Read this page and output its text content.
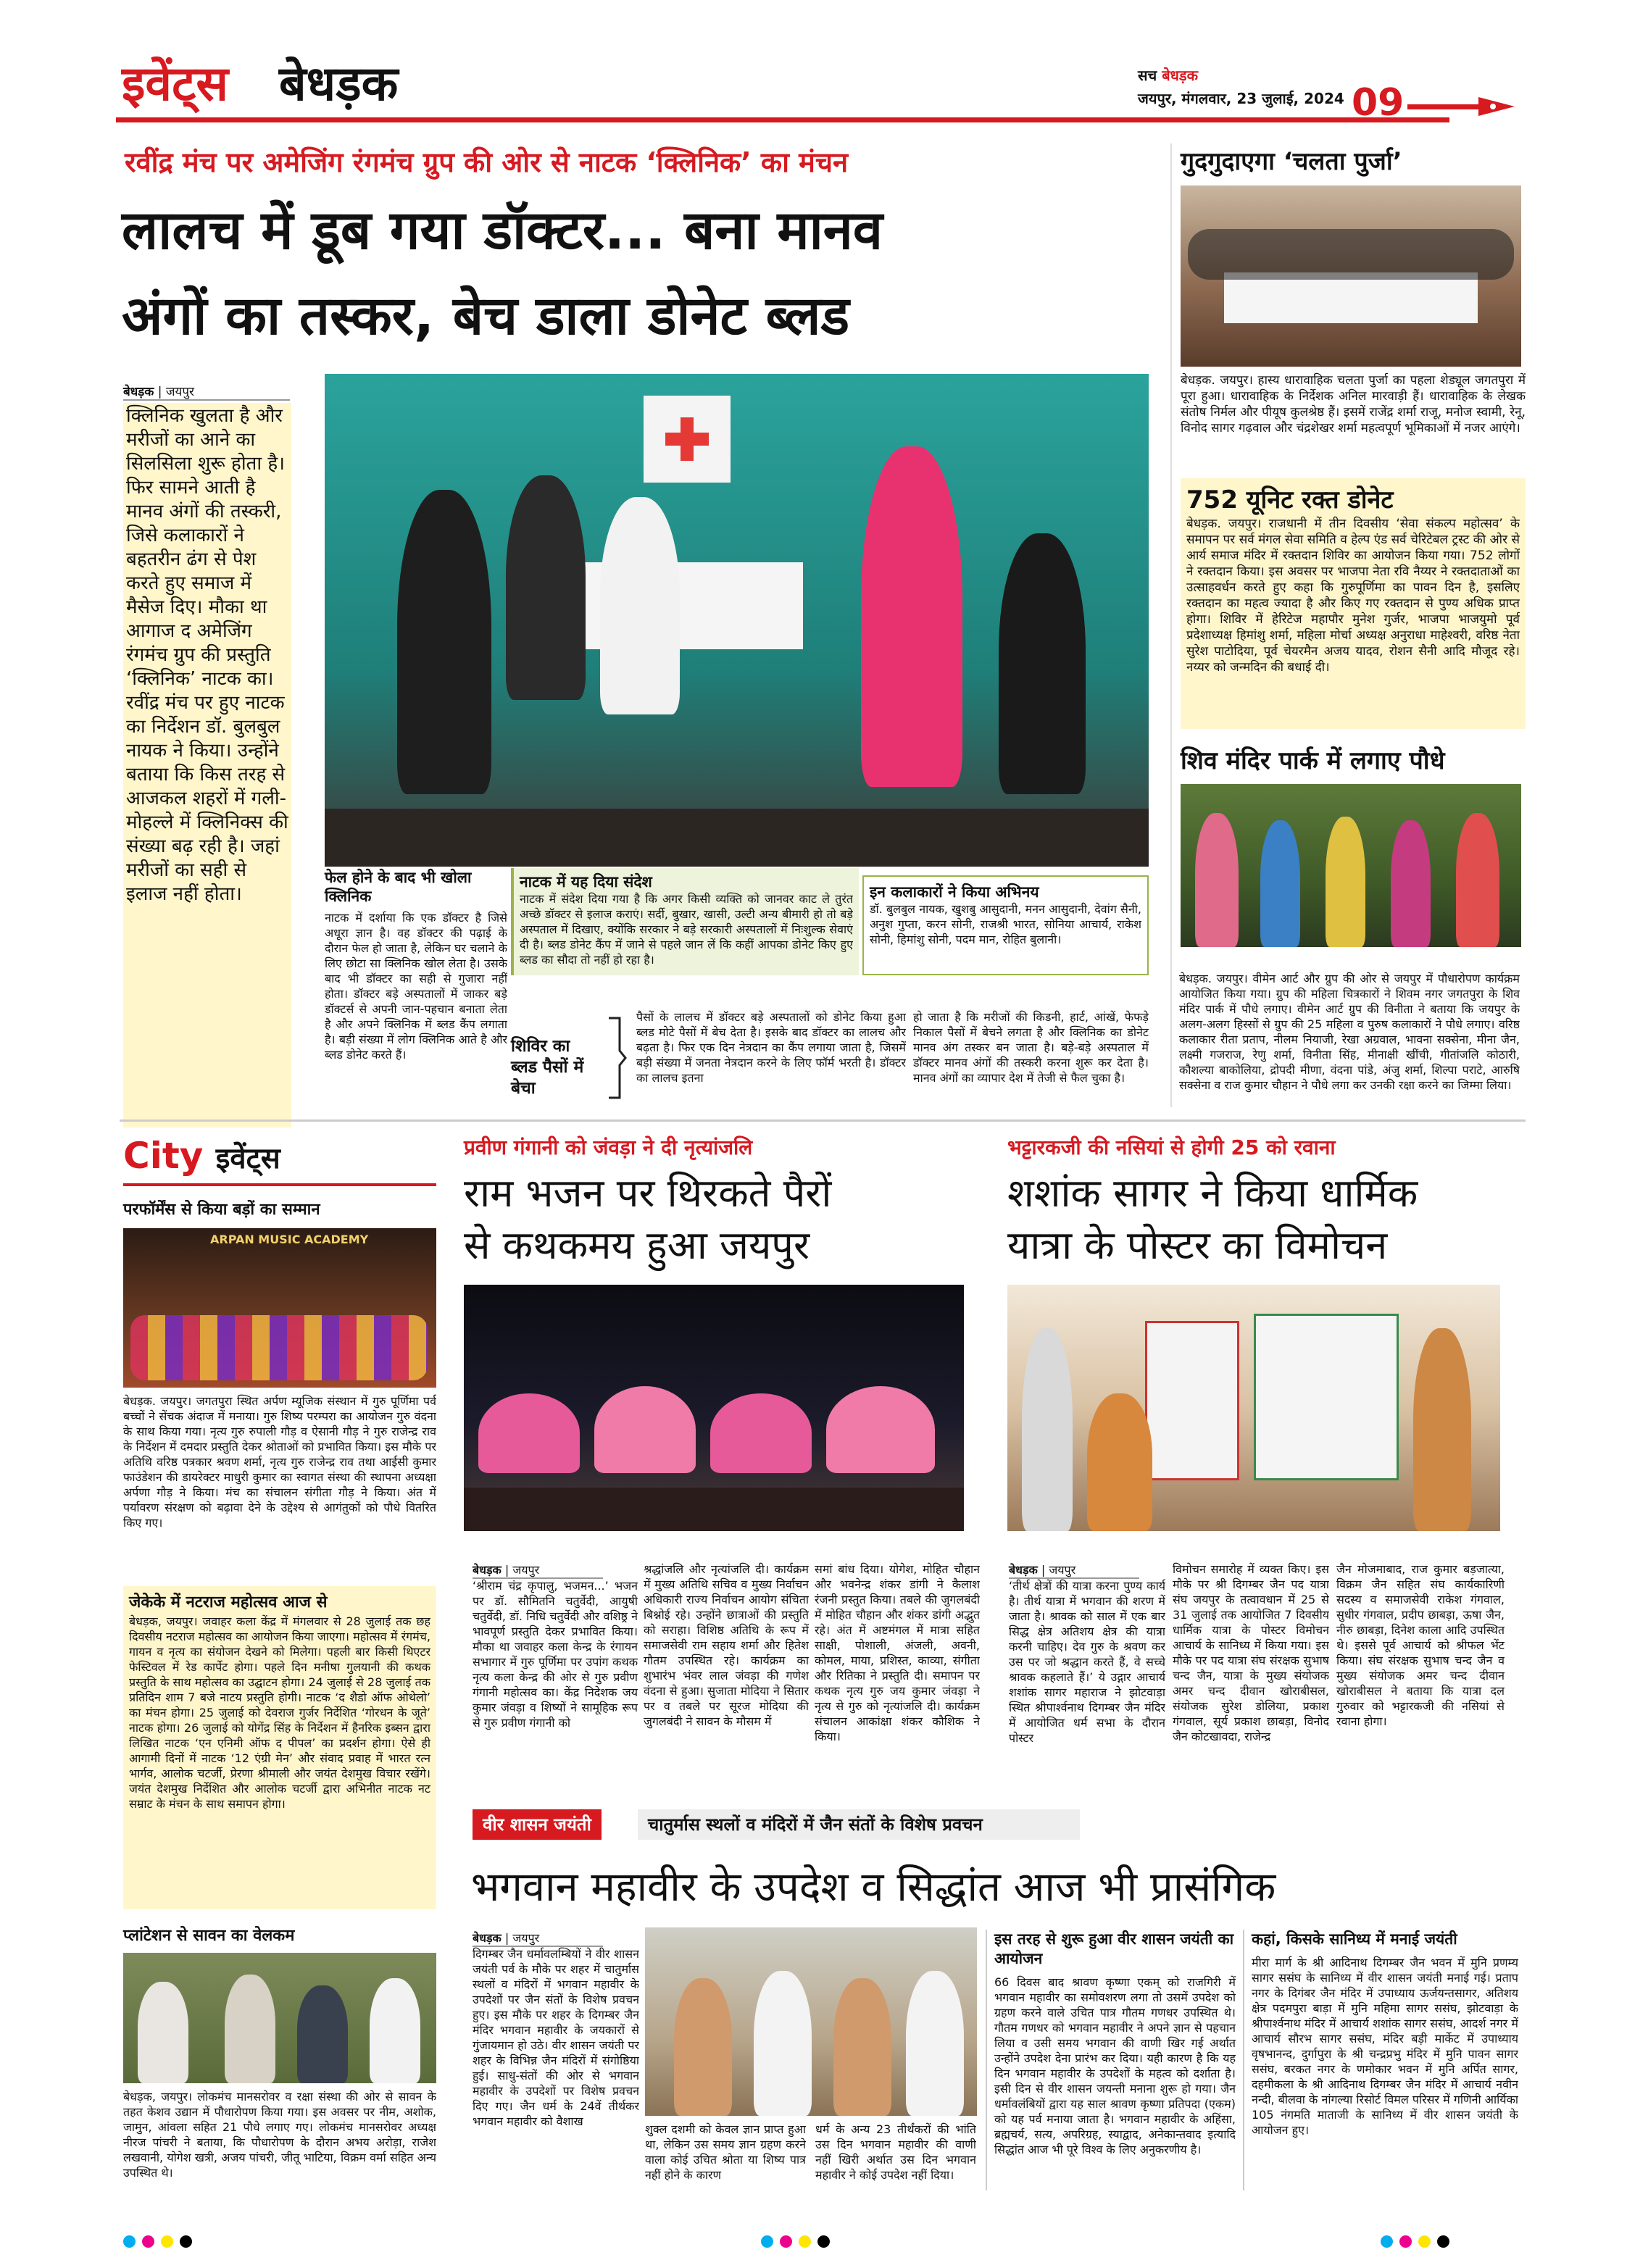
इवेंट्स बेधड़क	सच बेधड़क
जयपुर, मंगलवार, 23 जुलाई, 2024 09
रवींद्र मंच पर अमेजिंग रंगमंच ग्रुप की ओर से नाटक ‘क्लिनिक’ का मंचन
लालच में डूब गया डॉक्टर... बना मानव
अंगों का तस्कर, बेच डाला डोनेट ब्लड
बेधड़क | जयपुर
क्लिनिक खुलता है और मरीजों का आने का सिलसिला शुरू होता है। फिर सामने आती है मानव अंगों की तस्करी, जिसे कलाकारों ने बहतरीन ढंग से पेश करते हुए समाज में मैसेज दिए। मौका था आगाज द अमेजिंग रंगमंच ग्रुप की प्रस्तुति ‘क्लिनिक’ नाटक का। रवींद्र मंच पर हुए नाटक का निर्देशन डॉ. बुलबुल नायक ने किया। उन्होंने बताया कि किस तरह से आजकल शहरों में गली-मोहल्ले में क्लिनिक्स की संख्या बढ़ रही है। जहां मरीजों का सही से इलाज नहीं होता।
फेल होने के बाद भी खोला क्लिनिक
नाटक में दर्शाया कि एक डॉक्टर है जिसे अधूरा ज्ञान है। वह डॉक्टर की पढ़ाई के दौरान फेल हो जाता है, लेकिन घर चलाने के लिए छोटा सा क्लिनिक खोल लेता है। उसके बाद भी डॉक्टर का सही से गुजारा नहीं होता। डॉक्टर बड़े अस्पतालों में जाकर बड़े डॉक्टर्स से अपनी जान-पहचान बनाता लेता है और अपने क्लिनिक में ब्लड कैंप लगाता है। बड़ी संख्या में लोग क्लिनिक आते है और ब्लड डोनेट करते हैं।
नाटक में यह दिया संदेश
नाटक में संदेश दिया गया है कि अगर किसी व्यक्ति को जानवर काट ले तुरंत अच्छे डॉक्टर से इलाज कराएं। सर्दी, बुखार, खासी, उल्टी अन्य बीमारी हो तो बड़े अस्पताल में दिखाए, क्योंकि सरकार ने बड़े सरकारी अस्पतालों में निःशुल्क सेवाएं दी है। ब्लड डोनेट कैंप में जाने से पहले जान लें कि कहीं आपका डोनेट किए हुए ब्लड का सौदा तो नहीं हो रहा है।
इन कलाकारों ने किया अभिनय
डॉ. बुलबुल नायक, खुशबु आसुदानी, मनन आसुदानी, देवांग सैनी, अनुश गुप्ता, करन सोनी, राजश्री भारत, सोनिया आचार्य, राकेश सोनी, हिमांशु सोनी, पदम मान, रोहित बुलानी।
शिविर का ब्लड पैसों में बेचा
पैसों के लालच में डॉक्टर बड़े अस्पतालों को डोनेट किया हुआ ब्लड मोटे पैसों में बेच देता है। इसके बाद डॉक्टर का लालच और बढ़ता है। फिर एक दिन नेत्रदान का कैंप लगाया जाता है, जिसमें बड़ी संख्या में जनता नेत्रदान करने के लिए फॉर्म भरती है। डॉक्टर का लालच इतना
हो जाता है कि मरीजों की किडनी, हार्ट, आंखें, फेफड़े निकाल पैसों में बेचने लगता है और क्लिनिक का डोनेट मानव अंग तस्कर बन जाता है। बड़े-बड़े अस्पताल में डॉक्टर मानव अंगों की तस्करी करना शुरू कर देता है। मानव अंगों का व्यापार देश में तेजी से फैल चुका है।
गुदगुदाएगा ‘चलता पुर्जा’
बेधड़क. जयपुर। हास्य धारावाहिक चलता पुर्जा का पहला शेड्यूल जगतपुरा में पूरा हुआ। धारावाहिक के निर्देशक अनिल मारवाड़ी हैं। धारावाहिक के लेखक संतोष निर्मल और पीयूष कुलश्रेष्ठ हैं। इसमें राजेंद्र शर्मा राजू, मनोज स्वामी, रेनू, विनोद सागर गढ़वाल और चंद्रशेखर शर्मा महत्वपूर्ण भूमिकाओं में नजर आएंगे।
752 यूनिट रक्त डोनेट
बेधड़क. जयपुर। राजधानी में तीन दिवसीय ‘सेवा संकल्प महोत्सव’ के समापन पर सर्व मंगल सेवा समिति व हेल्प एंड सर्व चेरिटेबल ट्रस्ट की ओर से आर्य समाज मंदिर में रक्तदान शिविर का आयोजन किया गया। 752 लोगों ने रक्तदान किया। इस अवसर पर भाजपा नेता रवि नैय्यर ने रक्तदाताओं का उत्साहवर्धन करते हुए कहा कि गुरुपूर्णिमा का पावन दिन है, इसलिए रक्तदान का महत्व ज्यादा है और किए गए रक्तदान से पुण्य अधिक प्राप्त होगा। शिविर में हेरिटेज महापौर मुनेश गुर्जर, भाजपा भाजयुमो पूर्व प्रदेशाध्यक्ष हिमांशु शर्मा, महिला मोर्चा अध्यक्ष अनुराधा माहेश्वरी, वरिष्ठ नेता सुरेश पाटोदिया, पूर्व चेयरमैन अजय यादव, रोशन सैनी आदि मौजूद रहे। नय्यर को जन्मदिन की बधाई दी।
शिव मंदिर पार्क में लगाए पौधे
बेधड़क. जयपुर। वीमेन आर्ट और ग्रुप की ओर से जयपुर में पौधारोपण कार्यक्रम आयोजित किया गया। ग्रुप की महिला चित्रकारों ने शिवम नगर जगतपुरा के शिव मंदिर पार्क में पौधे लगाए। वीमेन आर्ट ग्रुप की विनीता ने बताया कि जयपुर के अलग-अलग हिस्सों से ग्रुप की 25 महिला व पुरुष कलाकारों ने पौधे लगाए। वरिष्ठ कलाकार रीता प्रताप, नीलम नियाजी, रेखा अग्रवाल, भावना सक्सेना, मीना जैन, लक्ष्मी गजराज, रेणु शर्मा, विनीता सिंह, मीनाक्षी खींची, गीतांजलि कोठारी, कौशल्या बाकोलिया, द्रोपदी मीणा, वंदना पांडे, अंजु शर्मा, शिल्पा पराटे, आरुषि सक्सेना व राज कुमार चौहान ने पौधे लगा कर उनकी रक्षा करने का जिम्मा लिया।
City इवेंट्स
परफॉर्मेंस से किया बड़ों का सम्मान
ARPAN MUSIC ACADEMY
बेधड़क. जयपुर। जगतपुरा स्थित अर्पण म्यूजिक संस्थान में गुरु पूर्णिमा पर्व बच्चों ने सेंचक अंदाज में मनाया। गुरु शिष्य परम्परा का आयोजन गुरु वंदना के साथ किया गया। नृत्य गुरु रुपाली गौड़ व ऐसानी गौड़ ने गुरु राजेन्द्र राव के निर्देशन में दमदार प्रस्तुति देकर श्रोताओं को प्रभावित किया। इस मौके पर अतिथि वरिष्ठ पत्रकार श्रवण शर्मा, नृत्य गुरु राजेन्द्र राव तथा आईसी कुमार फाउंडेशन की डायरेक्टर माधुरी कुमार का स्वागत संस्था की स्थापना अध्यक्षा अर्पणा गौड़ ने किया। मंच का संचालन संगीता गौड़ ने किया। अंत में पर्यावरण संरक्षण को बढ़ावा देने के उद्देश्य से आगंतुकों को पौधे वितरित किए गए।
जेकेके में नटराज महोत्सव आज से
बेधड़क, जयपुर। जवाहर कला केंद्र में मंगलवार से 28 जुलाई तक छह दिवसीय नटराज महोत्सव का आयोजन किया जाएगा। महोत्सव में रंगमंच, गायन व नृत्य का संयोजन देखने को मिलेगा। पहली बार किसी थिएटर फेस्टिवल में रेड कार्पेट होगा। पहले दिन मनीषा गुलयानी की कथक प्रस्तुति के साथ महोत्सव का उद्घाटन होगा। 24 जुलाई से 28 जुलाई तक प्रतिदिन शाम 7 बजे नाटय प्रस्तुति होगी। नाटक ‘द शैडो ऑफ ओथेलो’ का मंचन होगा। 25 जुलाई को देवराज गुर्जर निर्देशित ‘गोरधन के जूते’ नाटक होगा। 26 जुलाई को योगेंद्र सिंह के निर्देशन में हैनरिक इब्सन द्वारा लिखित नाटक ‘एन एनिमी ऑफ द पीपल’ का प्रदर्शन होगा। ऐसे ही आगामी दिनों में नाटक ‘12 एंग्री मेन’ और संवाद प्रवाह में भारत रत्न भार्गव, आलोक चटर्जी, प्रेरणा श्रीमाली और जयंत देशमुख विचार रखेंगे। जयंत देशमुख निर्देशित और आलोक चटर्जी द्वारा अभिनीत नाटक नट सम्राट के मंचन के साथ समापन होगा।
प्लांटेशन से सावन का वेलकम
बेधड़क, जयपुर। लोकमंच मानसरोवर व रक्षा संस्था की ओर से सावन के तहत केशव उद्यान में पौधारोपण किया गया। इस अवसर पर नीम, अशोक, जामुन, आंवला सहित 21 पौधे लगाए गए। लोकमंच मानसरोवर अध्यक्ष नीरज पांचरी ने बताया, कि पौधारोपण के दौरान अभय अरोड़ा, राजेश लखवानी, योगेश खत्री, अजय पांचरी, जीतू भाटिया, विक्रम वर्मा सहित अन्य उपस्थित थे।
प्रवीण गंगानी को जंवड़ा ने दी नृत्यांजलि
राम भजन पर थिरकते पैरों
से कथकमय हुआ जयपुर
बेधड़क | जयपुर
‘श्रीराम चंद्र कृपालु, भजमन...’ भजन पर डॉ. सौमितनि चतुर्वेदी, आयुषी चतुर्वेदी, डॉ. निधि चतुर्वेदी और वशिष्ठ्र ने भावपूर्ण प्रस्तुति देकर प्रभावित किया। मौका था जवाहर कला केन्द्र के रंगायन सभागार में गुरु पूर्णिमा पर उपांग कथक नृत्य कला केन्द्र की ओर से गुरु प्रवीण गंगानी महोत्सव का। केंद्र निदेशक जय कुमार जंवड़ा व शिष्यों ने सामूहिक रूप से गुरु प्रवीण गंगानी को
श्रद्धांजलि और नृत्यांजलि दी। कार्यक्रम में मुख्य अतिथि सचिव व मुख्य निर्वाचन अधिकारी राज्य निर्वाचन आयोग संचिता बिश्नोई रहे। उन्होंने छात्राओं की प्रस्तुति को सराहा। विशिष्ठ अतिथि के रूप में समाजसेवी राम सहाय शर्मा और हितेश गौतम उपस्थित रहे। कार्यक्रम का शुभारंभ भंवर लाल जंवड़ा की गणेश वंदना से हुआ। सुजाता मोदिया ने सितार पर व तबले पर सूरज मोदिया की जुगलबंदी ने सावन के मौसम में
समां बांध दिया। योगेश, मोहित चौहान और भवनेन्द्र शंकर डांगी ने कैलाश रंजनी प्रस्तुत किया। तबले की जुगलबंदी में मोहित चौहान और शंकर डांगी अद्भुत रहे। अंत में अष्टमंगल में मात्रा सहित साक्षी, पोशाली, अंजली, अवनी, कोमल, माया, प्रशिस्त, काव्या, संगीता और रितिका ने प्रस्तुति दी। समापन पर कथक नृत्य गुरु जय कुमार जंवड़ा ने नृत्य से गुरु को नृत्यांजलि दी। कार्यक्रम संचालन आकांक्षा शंकर कौशिक ने किया।
भट्टारकजी की नसियां से होगी 25 को रवाना
शशांक सागर ने किया धार्मिक
यात्रा के पोस्टर का विमोचन
बेधड़क | जयपुर
‘तीर्थ क्षेत्रों की यात्रा करना पुण्य कार्य है। तीर्थ यात्रा में भगवान की शरण में जाता है। श्रावक को साल में एक बार सिद्ध क्षेत्र अतिशय क्षेत्र की यात्रा करनी चाहिए। देव गुरु के श्रवण कर उस पर जो श्रद्धान करते हैं, वे सच्चे श्रावक कहलाते हैं।’ ये उद्गार आचार्य शशांक सागर महाराज ने झोटवाड़ा स्थित श्रीपार्श्वनाथ दिगम्बर जैन मंदिर में आयोजित धर्म सभा के दौरान पोस्टर
विमोचन समारोह में व्यक्त किए। इस मौके पर श्री दिगम्बर जैन पद यात्रा संघ जयपुर के तत्वावधान में 25 से 31 जुलाई तक आयोजित 7 दिवसीय धार्मिक यात्रा के पोस्टर विमोचन आचार्य के सानिध्य में किया गया। इस मौके पर पद यात्रा संघ संरक्षक सुभाष चन्द जैन, यात्रा के मुख्य संयोजक अमर चन्द दीवान खोराबीसल, संयोजक सुरेश डोलिया, प्रकाश गंगवाल, सूर्य प्रकाश छाबड़ा, विनोद जैन कोटखावदा, राजेन्द्र
जैन मोजमाबाद, राज कुमार बड़जात्या, विक्रम जैन सहित संघ कार्यकारिणी सदस्य व समाजसेवी राकेश गंगवाल, सुधीर गंगवाल, प्रदीप छाबड़ा, ऊषा जैन, नीरु छाबड़ा, दिनेश काला आदि उपस्थित थे। इससे पूर्व आचार्य को श्रीफल भेंट किया। संघ संरक्षक सुभाष चन्द जैन व मुख्य संयोजक अमर चन्द दीवान खोराबीसल ने बताया कि यात्रा दल गुरुवार को भट्टारकजी की नसियां से रवाना होगा।
वीर शासन जयंती	चातुर्मास स्थलों व मंदिरों में जैन संतों के विशेष प्रवचन
भगवान महावीर के उपदेश व सिद्धांत आज भी प्रासंगिक
बेधड़क | जयपुर
दिगम्बर जैन धर्मावलम्बियों ने वीर शासन जयंती पर्व के मौके पर शहर में चातुर्मास स्थलों व मंदिरों में भगवान महावीर के उपदेशों पर जैन संतों के विशेष प्रवचन हुए। इस मौके पर शहर के दिगम्बर जैन मंदिर भगवान महावीर के जयकारों से गुंजायमान हो उठे। वीर शासन जयंती पर शहर के विभिन्न जैन मंदिरों में संगोष्ठिया हुई। साधु-संतों की ओर से भगवान महावीर के उपदेशों पर विशेष प्रवचन दिए गए। जैन धर्म के 24वें तीर्थकर भगवान महावीर को वैशाख
शुक्ल दशमी को केवल ज्ञान प्राप्त हुआ था, लेकिन उस समय ज्ञान ग्रहण करने वाला कोई उचित श्रोता या शिष्य पात्र नहीं होने के कारण
धर्म के अन्य 23 तीर्थंकरों की भांति उस दिन भगवान महावीर की वाणी नहीं खिरी अर्थात उस दिन भगवान महावीर ने कोई उपदेश नहीं दिया।
इस तरह से शुरू हुआ वीर शासन जयंती का आयोजन
66 दिवस बाद श्रावण कृष्णा एकम् को राजगिरी में भगवान महावीर का समोवशरण लगा तो उसमें उपदेश को ग्रहण करने वाले उचित पात्र गौतम गणधर उपस्थित थे। गौतम गणधर को भगवान महावीर ने अपने ज्ञान से पहचान लिया व उसी समय भगवान की वाणी खिर गई अर्थात उन्होंने उपदेश देना प्रारंभ कर दिया। यही कारण है कि यह दिन भगवान महावीर के उपदेशों के महत्व को दर्शाता है। इसी दिन से वीर शासन जयन्ती मनाना शुरू हो गया। जैन धर्मावलंबियों द्वारा यह साल श्रावण कृष्णा प्रतिपदा (एकम) को यह पर्व मनाया जाता है। भगवान महावीर के अहिंसा, ब्रह्मचर्य, सत्य, अपरिग्रह, स्याद्वाद, अनेकान्तवाद इत्यादि सिद्धांत आज भी पूरे विश्व के लिए अनुकरणीय है।
कहां, किसके सानिध्य में मनाई जयंती
मीरा मार्ग के श्री आदिनाथ दिगम्बर जैन भवन में मुनि प्रणम्य सागर ससंघ के सानिध्य में वीर शासन जयंती मनाई गई। प्रताप नगर के दिगंबर जैन मंदिर में उपाध्याय ऊर्जयन्तसागर, अतिशय क्षेत्र पदमपुरा बाड़ा में मुनि महिमा सागर ससंघ, झोटवाड़ा के श्रीपार्श्वनाथ मंदिर में आचार्य शशांक सागर ससंघ, आदर्श नगर में आचार्य सौरभ सागर ससंघ, मंदिर बड़ी मार्केट में उपाध्याय वृषभानन्द, दुर्गापुरा के श्री चन्द्रप्रभु मंदिर में मुनि पावन सागर ससंघ, बरकत नगर के णमोकार भवन में मुनि अर्पित सागर, दहमीकला के श्री आदिनाथ दिगम्बर जैन मंदिर में आचार्य नवीन नन्दी, बीलवा के नांगल्या रिसोर्ट विमल परिसर में गणिनी आर्यिका 105 नंगमति माताजी के सानिध्य में वीर शासन जयंती के आयोजन हुए।
